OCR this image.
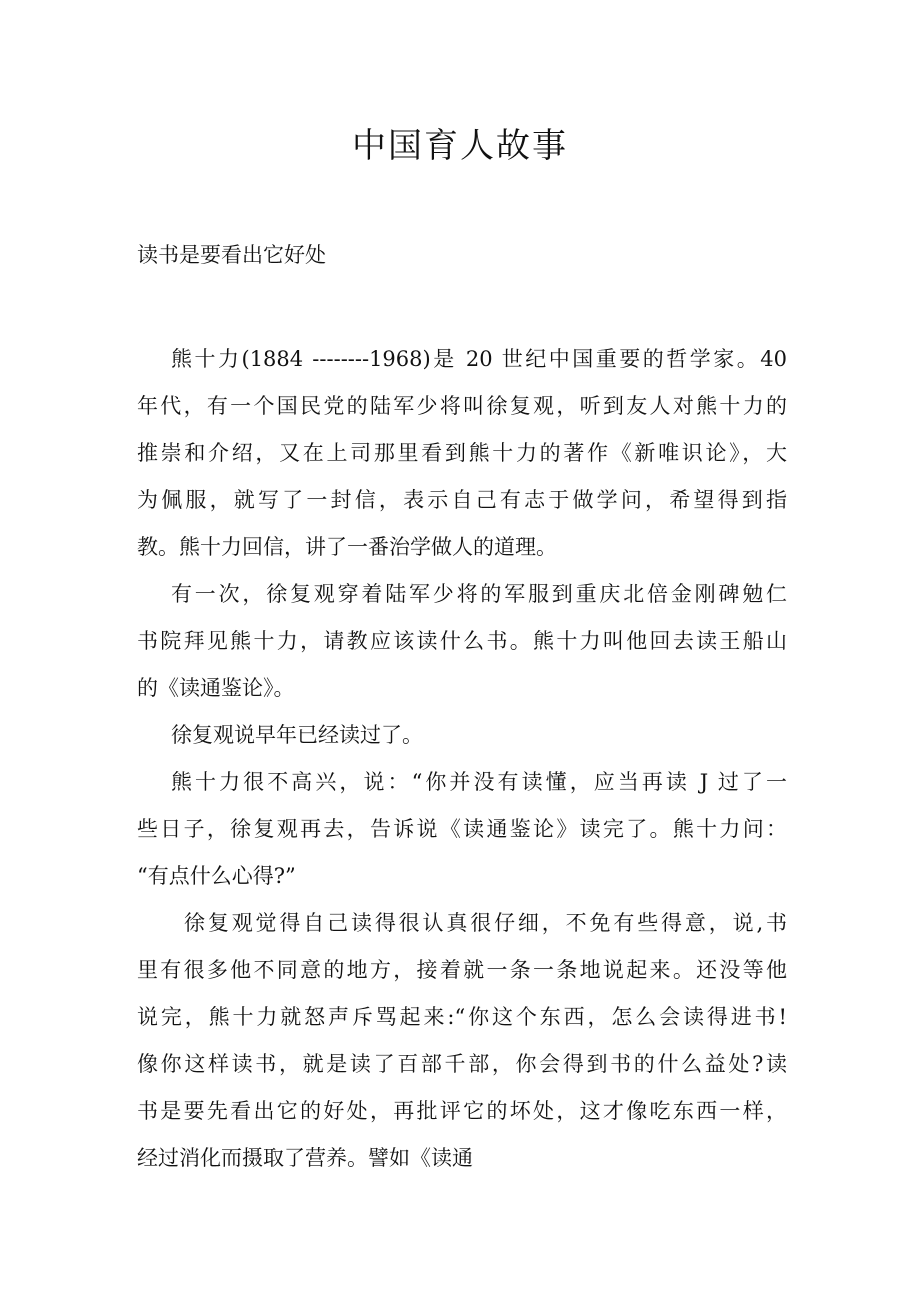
中国育人故事
读书是要看出它好处
熊十力(1884 --------1968)是 20 世纪中国重要的哲学家。40
年代，有一个国民党的陆军少将叫徐复观，听到友人对熊十力的
推崇和介绍，又在上司那里看到熊十力的著作《新唯识论》，大
为佩服，就写了一封信，表示自己有志于做学问，希望得到指
教。熊十力回信，讲了一番治学做人的道理。
有一次，徐复观穿着陆军少将的军服到重庆北倍金刚碑勉仁
书院拜见熊十力，请教应该读什么书。熊十力叫他回去读王船山
的《读通鉴论》。
徐复观说早年已经读过了。
熊十力很不高兴，说：“你并没有读懂，应当再读 J 过了一
些日子，徐复观再去，告诉说《读通鉴论》读完了。熊十力问：
“有点什么心得?”
徐复观觉得自己读得很认真很仔细，不免有些得意，说,书
里有很多他不同意的地方，接着就一条一条地说起来。还没等他
说完，熊十力就怒声斥骂起来:“你这个东西，怎么会读得进书!
像你这样读书，就是读了百部千部，你会得到书的什么益处?读
书是要先看出它的好处，再批评它的坏处，这才像吃东西一样，
经过消化而摄取了营养。譬如《读通
